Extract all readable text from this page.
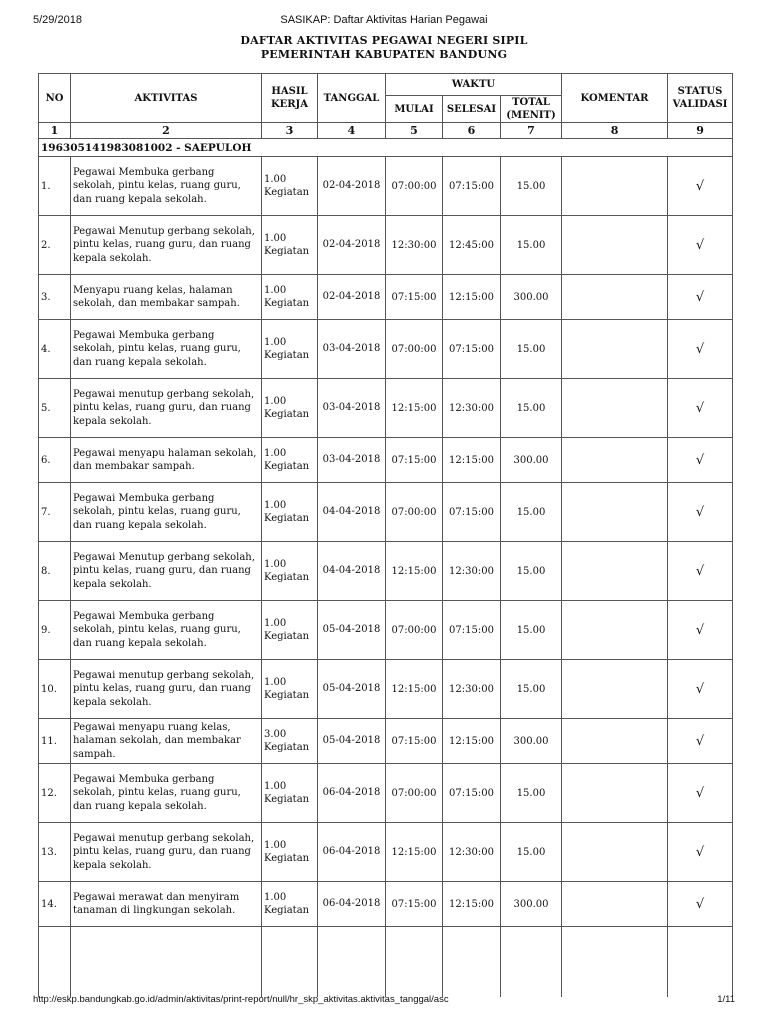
5/29/2018	SASIKAP: Daftar Aktivitas Harian Pegawai
DAFTAR AKTIVITAS PEGAWAI NEGERI SIPIL
PEMERINTAH KABUPATEN BANDUNG
NO	AKTIVITAS	HASIL KERJA	TANGGAL	WAKTU			KOMENTAR	STATUS VALIDASI
				MULAI	SELESAI	TOTAL (MENIT)		
1	2	3	4	5	6	7	8	9
196305141983081002 - SAEPULOH								
1.	Pegawai Membuka gerbang sekolah, pintu kelas, ruang guru, dan ruang kepala sekolah.	1.00 Kegiatan	02-04-2018	07:00:00	07:15:00	15.00		√
2.	Pegawai Menutup gerbang sekolah, pintu kelas, ruang guru, dan ruang kepala sekolah.	1.00 Kegiatan	02-04-2018	12:30:00	12:45:00	15.00		√
3.	Menyapu ruang kelas, halaman sekolah, dan membakar sampah.	1.00 Kegiatan	02-04-2018	07:15:00	12:15:00	300.00		√
4.	Pegawai Membuka gerbang sekolah, pintu kelas, ruang guru, dan ruang kepala sekolah.	1.00 Kegiatan	03-04-2018	07:00:00	07:15:00	15.00		√
5.	Pegawai menutup gerbang sekolah, pintu kelas, ruang guru, dan ruang kepala sekolah.	1.00 Kegiatan	03-04-2018	12:15:00	12:30:00	15.00		√
6.	Pegawai menyapu halaman sekolah, dan membakar sampah.	1.00 Kegiatan	03-04-2018	07:15:00	12:15:00	300.00		√
7.	Pegawai Membuka gerbang sekolah, pintu kelas, ruang guru, dan ruang kepala sekolah.	1.00 Kegiatan	04-04-2018	07:00:00	07:15:00	15.00		√
8.	Pegawai Menutup gerbang sekolah, pintu kelas, ruang guru, dan ruang kepala sekolah.	1.00 Kegiatan	04-04-2018	12:15:00	12:30:00	15.00		√
9.	Pegawai Membuka gerbang sekolah, pintu kelas, ruang guru, dan ruang kepala sekolah.	1.00 Kegiatan	05-04-2018	07:00:00	07:15:00	15.00		√
10.	Pegawai menutup gerbang sekolah, pintu kelas, ruang guru, dan ruang kepala sekolah.	1.00 Kegiatan	05-04-2018	12:15:00	12:30:00	15.00		√
11.	Pegawai menyapu ruang kelas, halaman sekolah, dan membakar sampah.	3.00 Kegiatan	05-04-2018	07:15:00	12:15:00	300.00		√
12.	Pegawai Membuka gerbang sekolah, pintu kelas, ruang guru, dan ruang kepala sekolah.	1.00 Kegiatan	06-04-2018	07:00:00	07:15:00	15.00		√
13.	Pegawai menutup gerbang sekolah, pintu kelas, ruang guru, dan ruang kepala sekolah.	1.00 Kegiatan	06-04-2018	12:15:00	12:30:00	15.00		√
14.	Pegawai merawat dan menyiram tanaman di lingkungan sekolah.	1.00 Kegiatan	06-04-2018	07:15:00	12:15:00	300.00		√

http://eskp.bandungkab.go.id/admin/aktivitas/print-report/null/hr_skp_aktivitas.aktivitas_tanggal/asc	1/11
